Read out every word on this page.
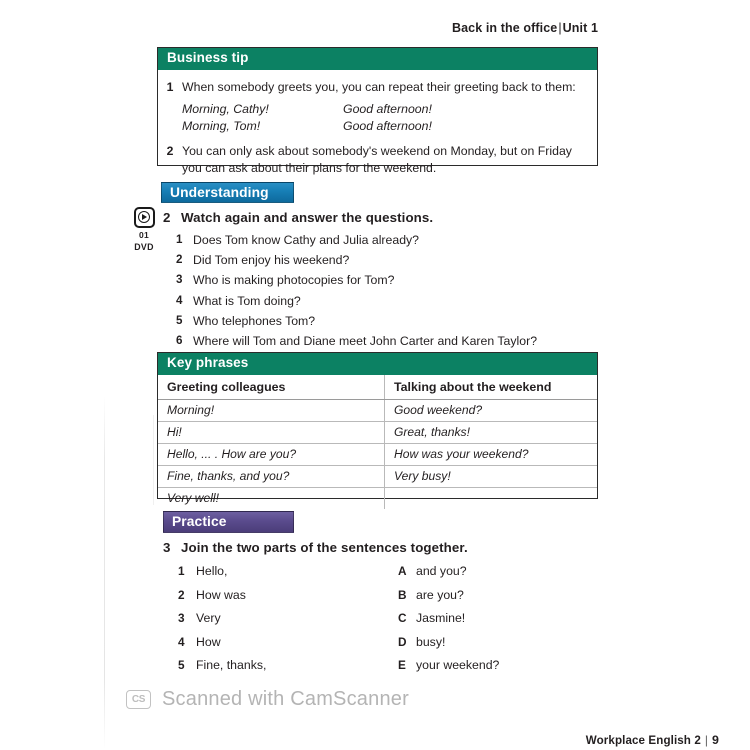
Back in the office|Unit 1
Business tip
1 When somebody greets you, you can repeat their greeting back to them:
Morning, Cathy!	Good afternoon!
Morning, Tom!	Good afternoon!
2 You can only ask about somebody's weekend on Monday, but on Friday you can ask about their plans for the weekend.
Understanding
01
DVD
2 Watch again and answer the questions.
1 Does Tom know Cathy and Julia already?
2 Did Tom enjoy his weekend?
3 Who is making photocopies for Tom?
4 What is Tom doing?
5 Who telephones Tom?
6 Where will Tom and Diane meet John Carter and Karen Taylor?
Key phrases
Greeting colleagues	Talking about the weekend
Morning!	Good weekend?
Hi!	Great, thanks!
Hello, ... . How are you?	How was your weekend?
Fine, thanks, and you?	Very busy!
Very well!	
Practice
3 Join the two parts of the sentences together.
1 Hello,	A and you?
2 How was	B are you?
3 Very	C Jasmine!
4 How	D busy!
5 Fine, thanks,	E your weekend?
CS Scanned with CamScanner
Workplace English 2 | 9
